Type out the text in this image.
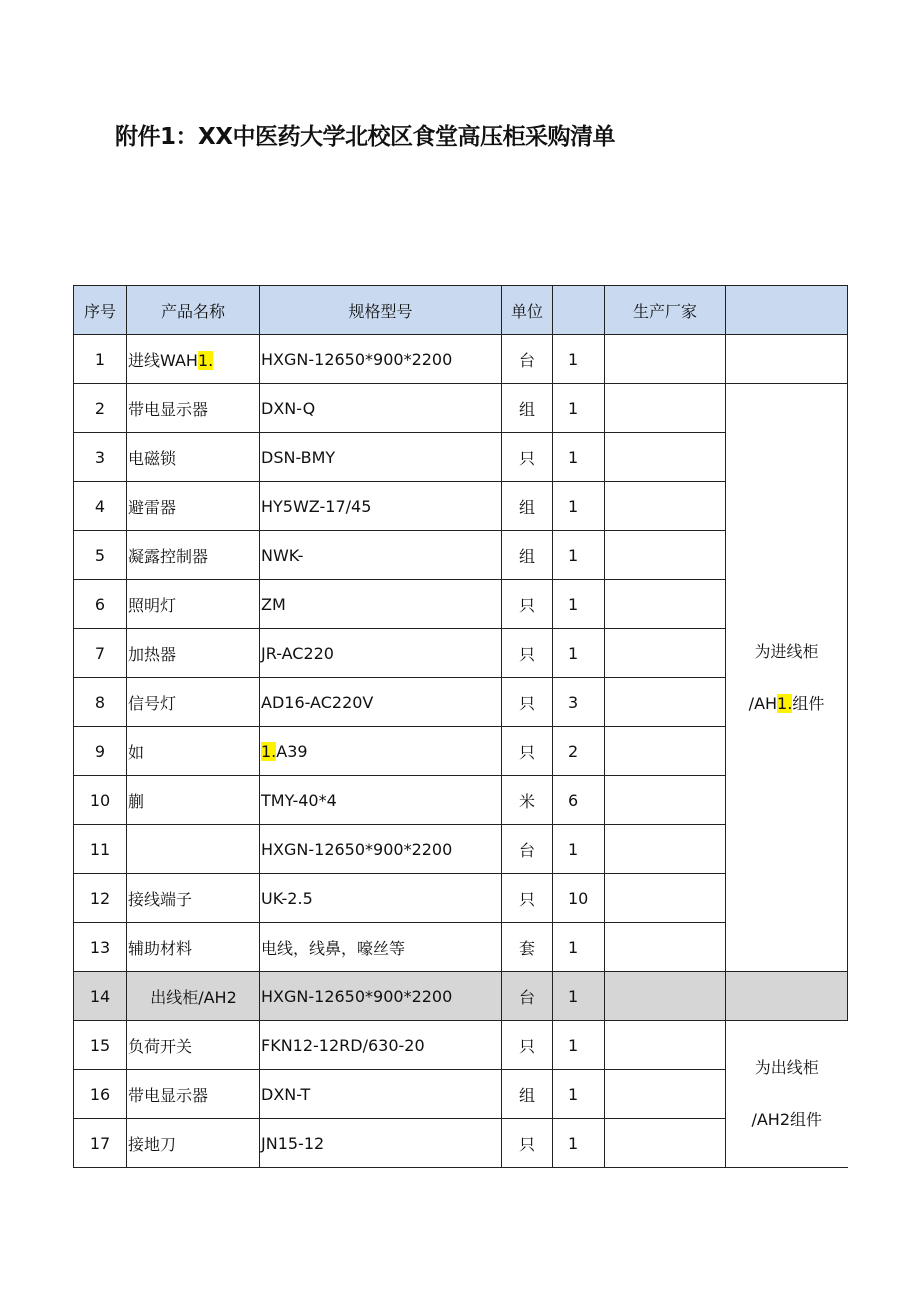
附件1：XX中医药大学北校区食堂高压柜采购清单
序号	产品名称	规格型号	单位		生产厂家	
1	进线WAH1.	HXGN-12650*900*2200	台	1		
2	带电显示器	DXN-Q	组	1		为进线柜
/AH1.组件

3	电磁锁	DSN-BMY	只	1		
4	避雷器	HY5WZ-17/45	组	1		
5	凝露控制器	NWK-	组	1		
6	照明灯	ZM	只	1		
7	加热器	JR-AC220	只	1		
8	信号灯	AD16-AC220V	只	3		
9	如	1.A39	只	2		
10	蒯	TMY-40*4	米	6		
11		HXGN-12650*900*2200	台	1		
12	接线端子	UK-2.5	只	10		
13	辅助材料	电线，线鼻，嚎丝等	套	1		
14	出线柜/AH2	HXGN-12650*900*2200	台	1		
15	负荷开关	FKN12-12RD/630-20	只	1		为出线柜
/AH2组件

16	带电显示器	DXN-T	组	1		
17	接地刀	JN15-12	只	1		
